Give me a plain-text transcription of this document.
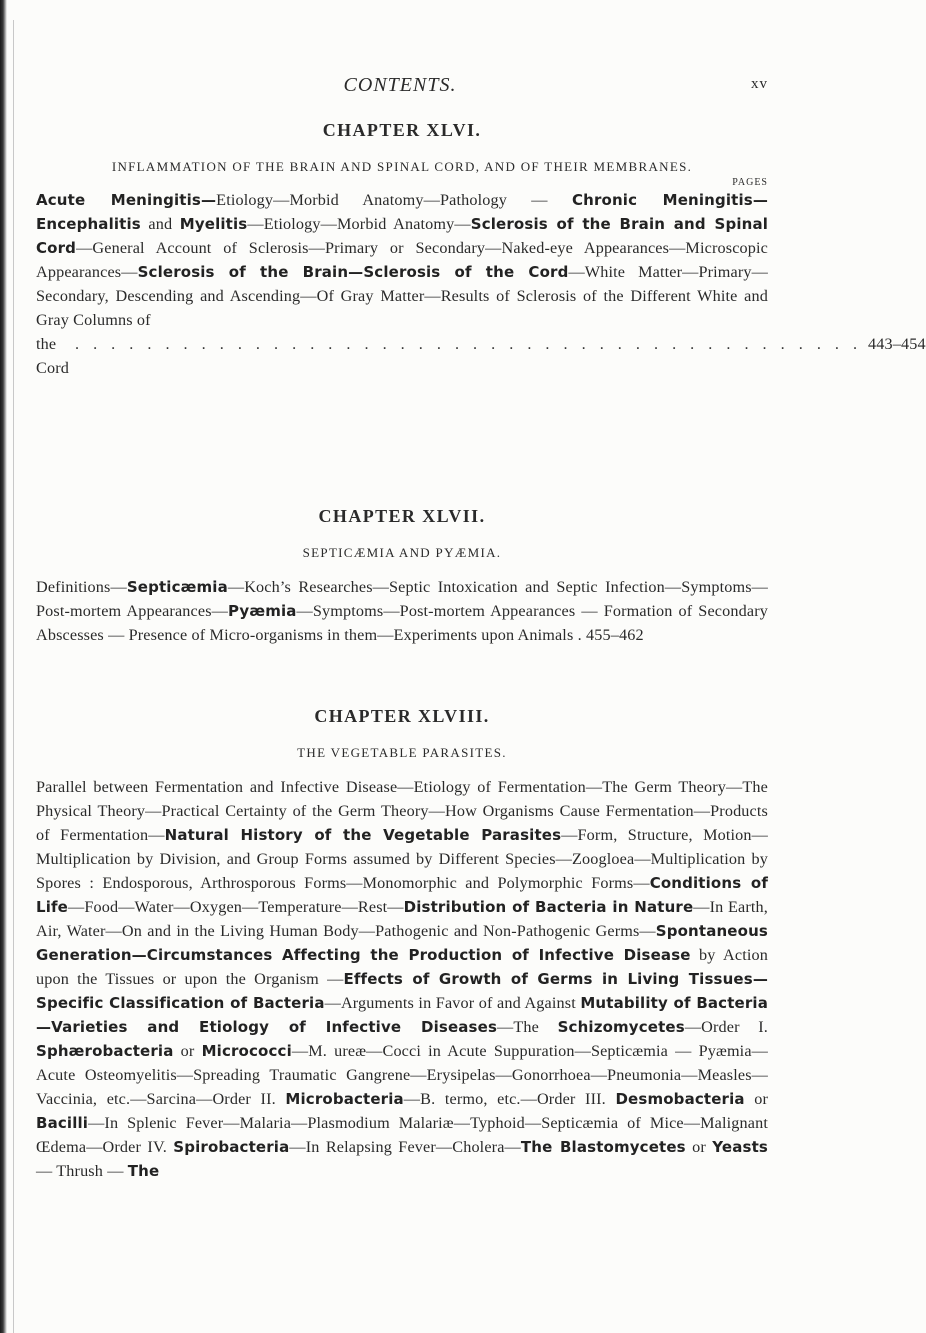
CONTENTS.	xv
CHAPTER XLVI.

INFLAMMATION OF THE BRAIN AND SPINAL CORD, AND OF THEIR MEMBRANES.

PAGES

Acute Meningitis—Etiology—Morbid Anatomy—Pathology — Chronic Meningitis—Encephalitis and Myelitis—Etiology—Morbid Anatomy—Sclerosis of the Brain and Spinal Cord—General Account of Sclerosis—Primary or Secondary—Naked-eye Appearances—Microscopic Appearances—Sclerosis of the Brain—Sclerosis of the Cord—White Matter—Primary—Secondary, Descending and Ascending—Of Gray Matter—Results of Sclerosis of the Different White and Gray Columns of

the Cord
. . . . . . . . . . . . . . . . . . . . . . . . . . . . . . . . . . . . . . . . . . . . 443–454
CHAPTER XLVII.

SEPTICÆMIA AND PYÆMIA.

Definitions—Septicæmia—Koch’s Researches—Septic Intoxication and Septic Infection—Symptoms—Post-mortem Appearances—Pyæmia—Symptoms—Post-mortem Appearances — Formation of Secondary Abscesses — Presence of Micro-organisms in them—Experiments upon Animals . 455–462

CHAPTER XLVIII.

THE VEGETABLE PARASITES.

Parallel between Fermentation and Infective Disease—Etiology of Fermentation—The Germ Theory—The Physical Theory—Practical Certainty of the Germ Theory—How Organisms Cause Fermentation—Products of Fermentation—Natural History of the Vegetable Parasites—Form, Structure, Motion—Multiplication by Division, and Group Forms assumed by Different Species—Zoogloea—Multiplication by Spores : Endosporous, Arthrosporous Forms—Monomorphic and Polymorphic Forms—Conditions of Life—Food—Water—Oxygen—Temperature—Rest—Distribution of Bacteria in Nature—In Earth, Air, Water—On and in the Living Human Body—Pathogenic and Non-Pathogenic Germs—Spontaneous Generation—Circumstances Affecting the Production of Infective Disease by Action upon the Tissues or upon the Organism —Effects of Growth of Germs in Living Tissues—Specific Classification of Bacteria—Arguments in Favor of and Against Mutability of Bacteria—Varieties and Etiology of Infective Diseases—The Schizomycetes—Order I. Sphærobacteria or Micrococci—M. ureæ—Cocci in Acute Suppuration—Septicæmia — Pyæmia— Acute Osteomyelitis—Spreading Traumatic Gangrene—Erysipelas—Gonorrhoea—Pneumonia—Measles—Vaccinia, etc.—Sarcina—Order II. Microbacteria—B. termo, etc.—Order III. Desmobacteria or Bacilli—In Splenic Fever—Malaria—Plasmodium Malariæ—Typhoid—Septicæmia of Mice—Malignant Œdema—Order IV. Spirobacteria—In Relapsing Fever—Cholera—The Blastomycetes or Yeasts — Thrush — The
